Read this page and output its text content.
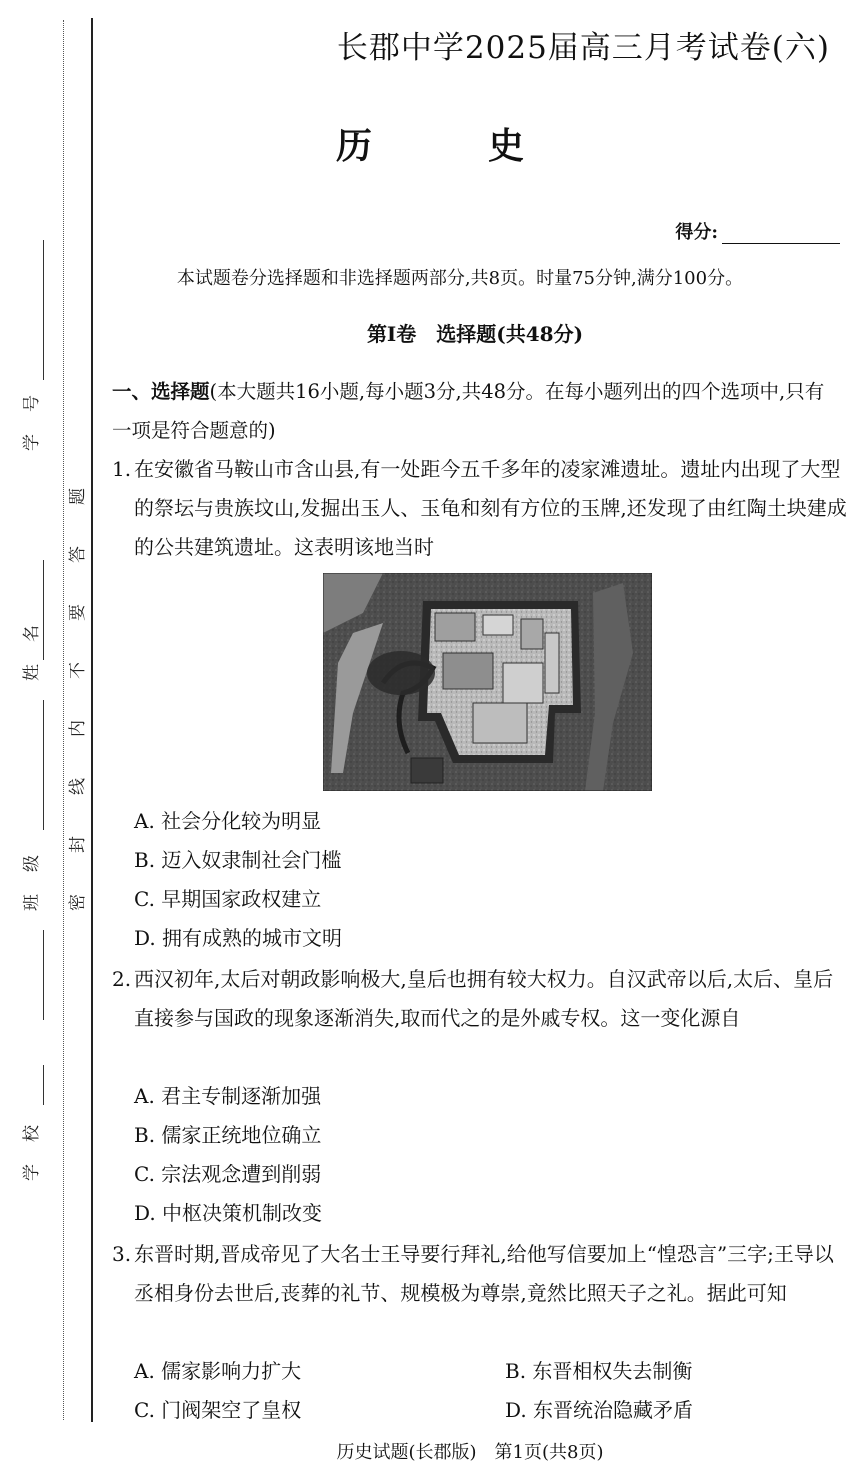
号
学
名
姓
级
班
校
学
题
答
要
不
内
线
封
密
长郡中学2025届高三月考试卷(六)
历　史
得分:
本试题卷分选择题和非选择题两部分,共8页。时量75分钟,满分100分。
第Ⅰ卷　选择题(共48分)
一、选择题(本大题共16小题,每小题3分,共48分。在每小题列出的四个选项中,只有一项是符合题意的)
1. 在安徽省马鞍山市含山县,有一处距今五千多年的凌家滩遗址。遗址内出现了大型的祭坛与贵族坟山,发掘出玉人、玉龟和刻有方位的玉牌,还发现了由红陶土块建成的公共建筑遗址。这表明该地当时
A. 社会分化较为明显
B. 迈入奴隶制社会门槛
C. 早期国家政权建立
D. 拥有成熟的城市文明
2. 西汉初年,太后对朝政影响极大,皇后也拥有较大权力。自汉武帝以后,太后、皇后直接参与国政的现象逐渐消失,取而代之的是外戚专权。这一变化源自
A. 君主专制逐渐加强
B. 儒家正统地位确立
C. 宗法观念遭到削弱
D. 中枢决策机制改变
3. 东晋时期,晋成帝见了大名士王导要行拜礼,给他写信要加上“惶恐言”三字;王导以丞相身份去世后,丧葬的礼节、规模极为尊崇,竟然比照天子之礼。据此可知
A. 儒家影响力扩大	B. 东晋相权失去制衡
C. 门阀架空了皇权	D. 东晋统治隐藏矛盾
历史试题(长郡版)　第1页(共8页)
